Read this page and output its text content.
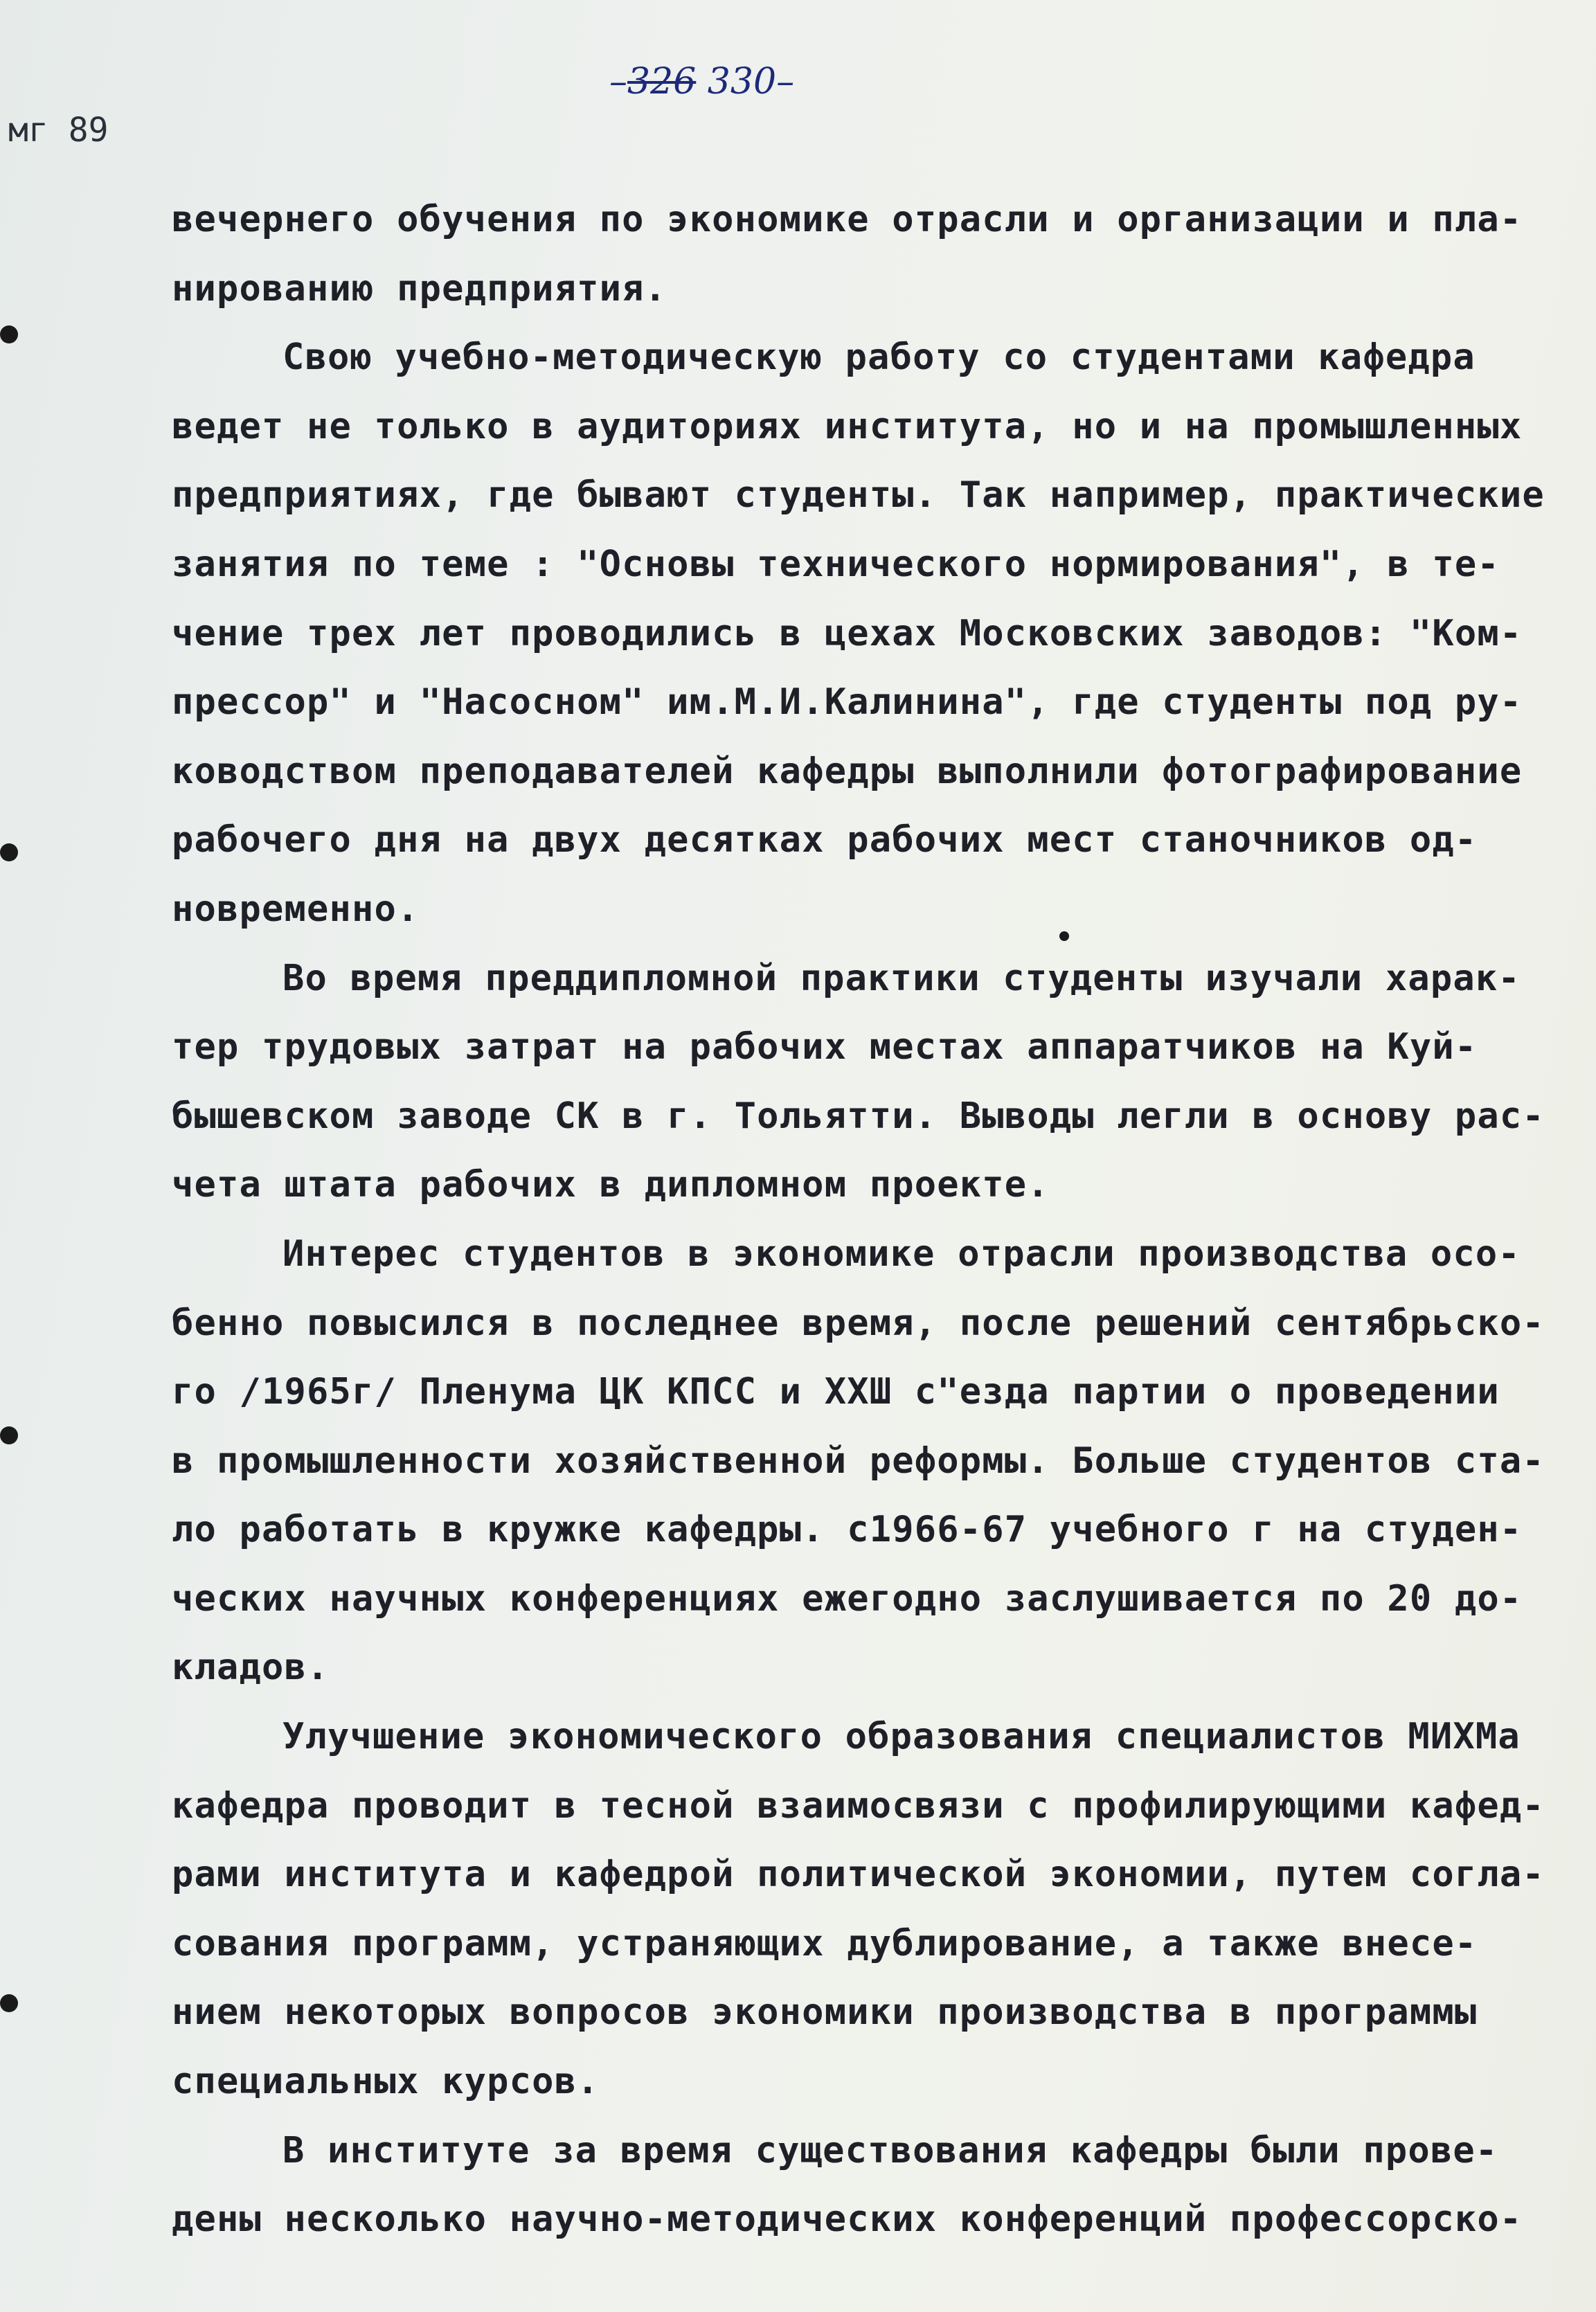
–326 330–
мг 89
вечернего обучения по экономике отрасли и организации и пла-
нированию предприятия.
Свою учебно-методическую работу со студентами кафедра
ведет не только в аудиториях института, но и на промышленных
предприятиях, где бывают студенты. Так например, практические
занятия по теме : "Основы технического нормирования", в те-
чение трех лет проводились в цехах Московских заводов: "Ком-
прессор" и "Насосном" им.М.И.Калинина", где студенты под ру-
ководством преподавателей кафедры выполнили фотографирование
рабочего дня на двух десятках рабочих мест станочников од-
новременно.
Во время преддипломной практики студенты изучали харак-
тер трудовых затрат на рабочих местах аппаратчиков на Куй-
бышевском заводе СК в г. Тольятти. Выводы легли в основу рас-
чета штата рабочих в дипломном проекте.
Интерес студентов в экономике отрасли производства осо-
бенно повысился в последнее время, после решений сентябрьско-
го /1965г/ Пленума ЦК КПСС и XXШ с"езда партии о проведении
в промышленности хозяйственной реформы. Больше студентов ста-
ло работать в кружке кафедры. с1966-67 учебного г на студен-
ческих научных конференциях ежегодно заслушивается по 20 до-
кладов.
Улучшение экономического образования специалистов МИХМа
кафедра проводит в тесной взаимосвязи с профилирующими кафед-
рами института и кафедрой политической экономии, путем согла-
сования программ, устраняющих дублирование, а также внесе-
нием некоторых вопросов экономики производства в программы
специальных курсов.
В институте за время существования кафедры были прове-
дены несколько научно-методических конференций профессорско-
